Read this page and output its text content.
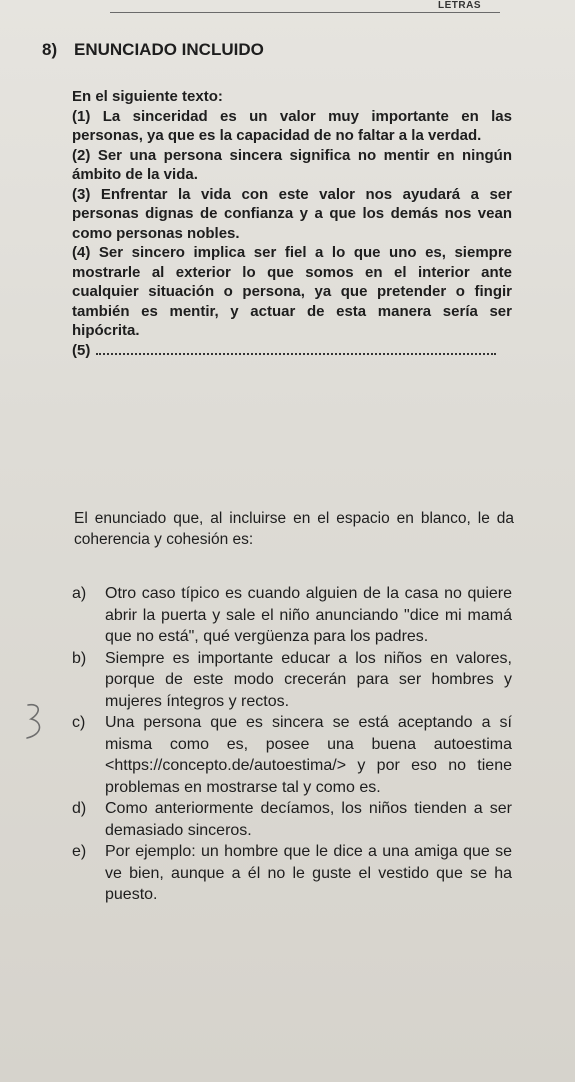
LETRAS
8) ENUNCIADO INCLUIDO

En el siguiente texto:

(1) La sinceridad es un valor muy importante en las personas, ya que es la capacidad de no faltar a la verdad.

(2) Ser una persona sincera significa no mentir en ningún ámbito de la vida.

(3) Enfrentar la vida con este valor nos ayudará a ser personas dignas de confianza y a que los demás nos vean como personas nobles.

(4) Ser sincero implica ser fiel a lo que uno es, siempre mostrarle al exterior lo que somos en el interior ante cualquier situación o persona, ya que pretender o fingir también es mentir, y actuar de esta manera sería ser hipócrita.

(5)

El enunciado que, al incluirse en el espacio en blanco, le da coherencia y cohesión es:
a) Otro caso típico es cuando alguien de la casa no quiere abrir la puerta y sale el niño anunciando "dice mi mamá que no está", qué vergüenza para los padres.
b) Siempre es importante educar a los niños en valores, porque de este modo crecerán para ser hombres y mujeres íntegros y rectos.
c) Una persona que es sincera se está aceptando a sí misma como es, posee una buena autoestima <https://concepto.de/autoestima/> y por eso no tiene problemas en mostrarse tal y como es.
d) Como anteriormente decíamos, los niños tienden a ser demasiado sinceros.
e) Por ejemplo: un hombre que le dice a una amiga que se ve bien, aunque a él no le guste el vestido que se ha puesto.
